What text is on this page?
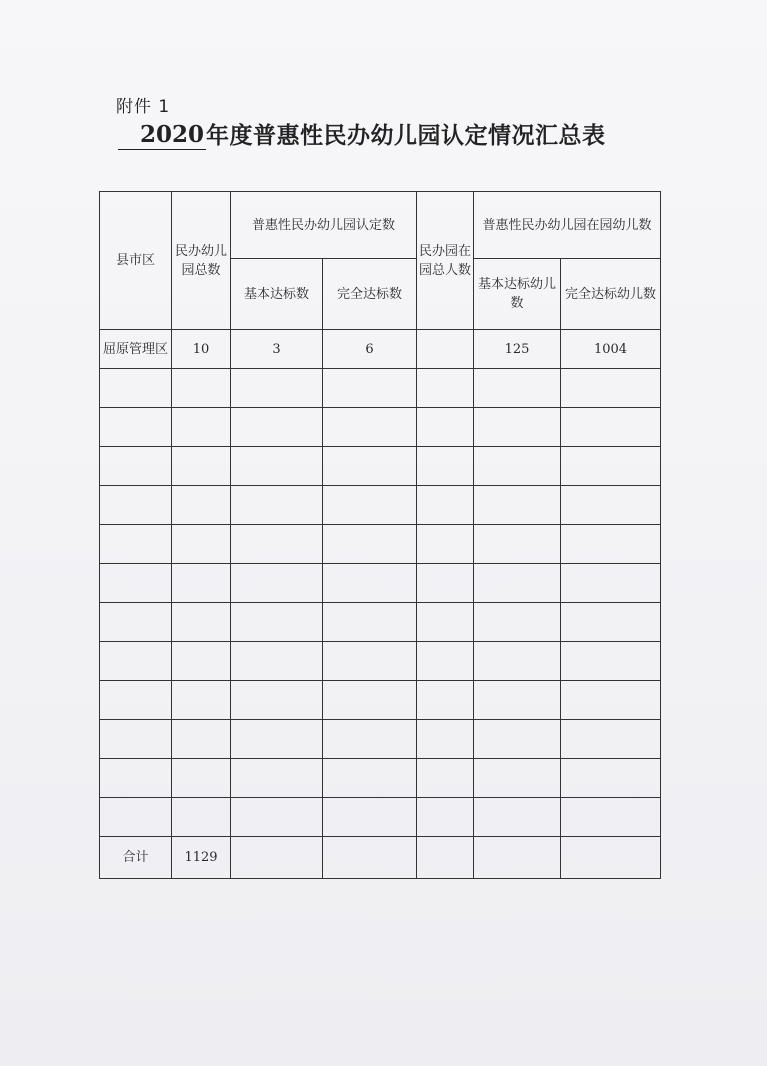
附件 1
2020 年度普惠性民办幼儿园认定情况汇总表
县市区	民办幼儿园总数	普惠性民办幼儿园认定数		民办园在园总人数	普惠性民办幼儿园在园幼儿数	
		基本达标数	完全达标数		基本达标幼儿数	完全达标幼儿数
屈原管理区	10	3	6		125	1004

合计	1129					
